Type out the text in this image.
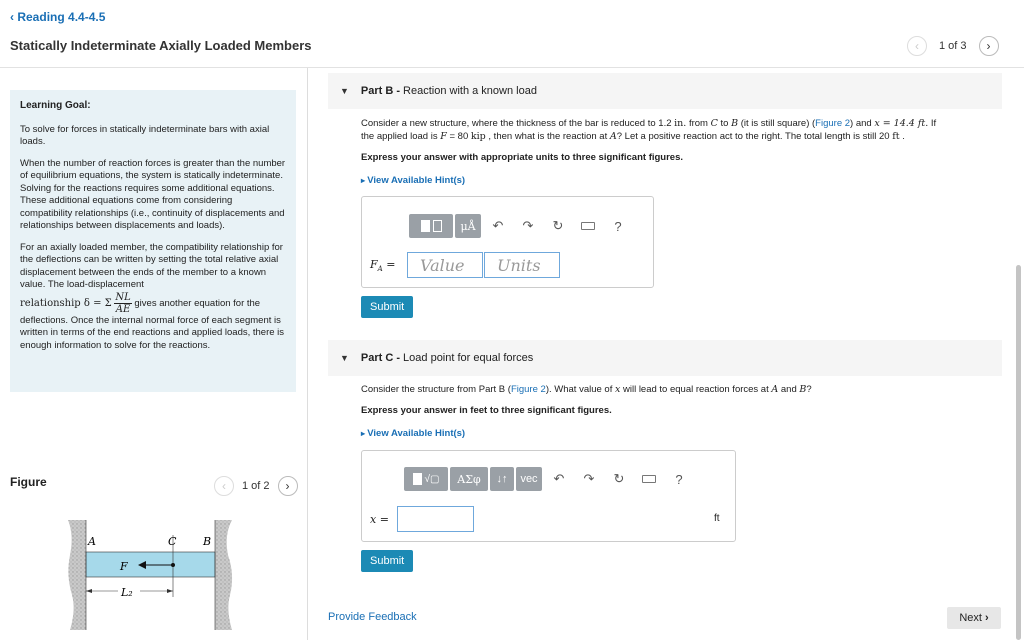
‹ Reading 4.4-4.5
Statically Indeterminate Axially Loaded Members	‹ 1 of 3 ›
Learning Goal:

To solve for forces in statically indeterminate bars with axial loads.

When the number of reaction forces is greater than the number of equilibrium equations, the system is statically indeterminate. Solving for the reactions requires some additional equations. These additional equations come from considering compatibility relationships (i.e., continuity of displacements and relationships between displacements and loads).

For an axially loaded member, the compatibility relationship for the deflections can be written by setting the total relative axial displacement between the ends of the member to a known value. The load-displacement

relationship δ = Σ $\frac{NL}{AE}$ gives another equation for the

deflections. Once the internal normal force of each segment is written in terms of the end reactions and applied loads, there is enough information to solve for the reactions.

Figure	‹ 1 of 2 ›
A	C B
F
L₂
▼ Part B - Reaction with a known load
Consider a new structure, where the thickness of the bar is reduced to 1.2 in. from C to B (it is still square) (Figure 2) and x = 14.4 ft. If
the applied load is F = 80 kip , then what is the reaction at A? Let a positive reaction act to the right. The total length is still 20 ft .
Express your answer with appropriate units to three significant figures.
▸ View Available Hint(s)
μÅ	↶	↷	↻	?
$F_A$ =	Value	Units
Submit
▼ Part C - Load point for equal forces
Consider the structure from Part B (Figure 2). What value of x will lead to equal reaction forces at A and B?
Express your answer in feet to three significant figures.
▸ View Available Hint(s)
√▢	ΑΣφ	↓↑	vec	↶	↷	↻	?
x =	ft
Submit
Provide Feedback	Next ›
